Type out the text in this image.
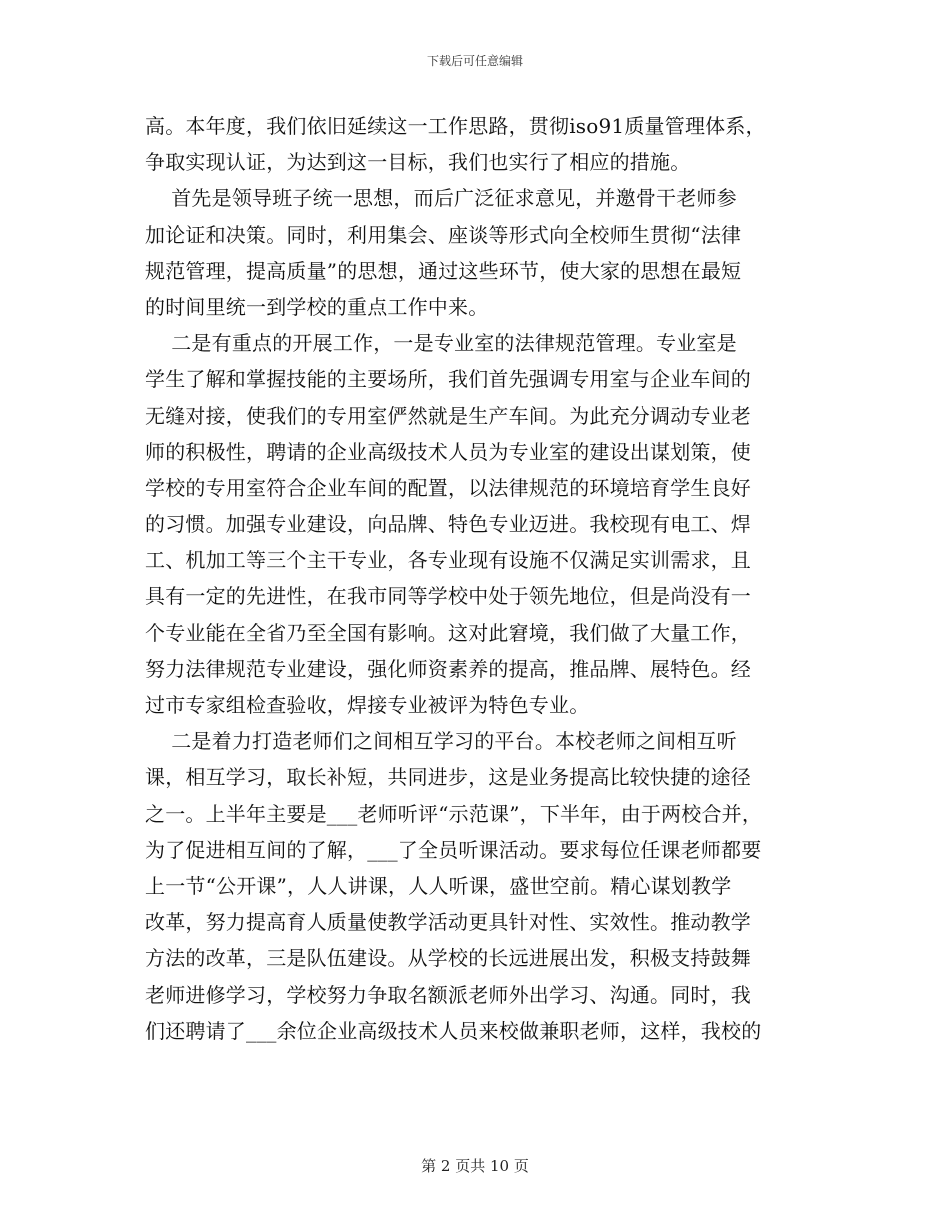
下载后可任意编辑
高。本年度，我们依旧延续这一工作思路，贯彻iso91质量管理体系，
争取实现认证，为达到这一目标，我们也实行了相应的措施。
首先是领导班子统一思想，而后广泛征求意见，并邀骨干老师参
加论证和决策。同时，利用集会、座谈等形式向全校师生贯彻“法律
规范管理，提高质量”的思想，通过这些环节，使大家的思想在最短
的时间里统一到学校的重点工作中来。
二是有重点的开展工作，一是专业室的法律规范管理。专业室是
学生了解和掌握技能的主要场所，我们首先强调专用室与企业车间的
无缝对接，使我们的专用室俨然就是生产车间。为此充分调动专业老
师的积极性，聘请的企业高级技术人员为专业室的建设出谋划策，使
学校的专用室符合企业车间的配置，以法律规范的环境培育学生良好
的习惯。加强专业建设，向品牌、特色专业迈进。我校现有电工、焊
工、机加工等三个主干专业，各专业现有设施不仅满足实训需求，且
具有一定的先进性，在我市同等学校中处于领先地位，但是尚没有一
个专业能在全省乃至全国有影响。这对此窘境，我们做了大量工作，
努力法律规范专业建设，强化师资素养的提高，推品牌、展特色。经
过市专家组检查验收，焊接专业被评为特色专业。
二是着力打造老师们之间相互学习的平台。本校老师之间相互听
课，相互学习，取长补短，共同进步，这是业务提高比较快捷的途径
之一。上半年主要是___老师听评“示范课”，下半年，由于两校合并，
为了促进相互间的了解，___了全员听课活动。要求每位任课老师都要
上一节“公开课”，人人讲课，人人听课，盛世空前。精心谋划教学
改革，努力提高育人质量使教学活动更具针对性、实效性。推动教学
方法的改革，三是队伍建设。从学校的长远进展出发，积极支持鼓舞
老师进修学习，学校努力争取名额派老师外出学习、沟通。同时，我
们还聘请了___余位企业高级技术人员来校做兼职老师，这样，我校的
第 2 页共 10 页
